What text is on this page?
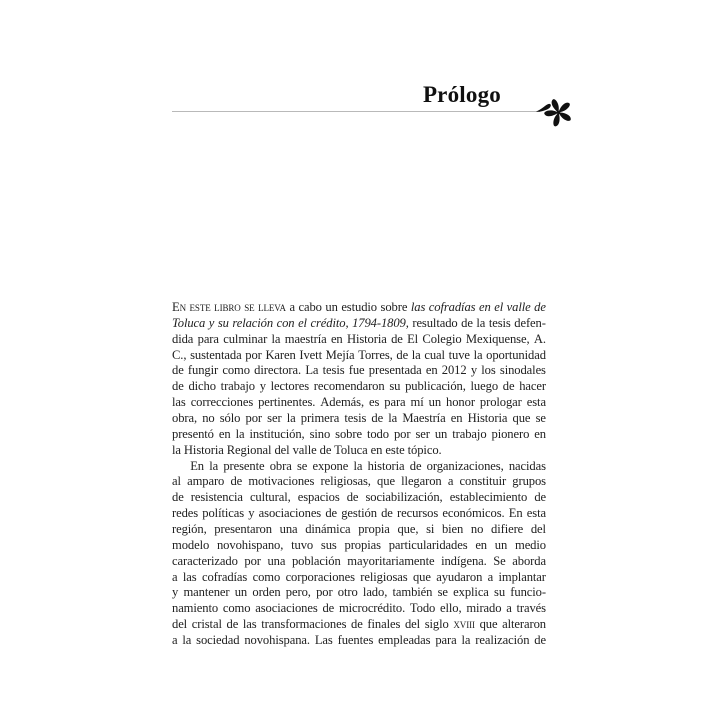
Prólogo
En este libro se lleva a cabo un estudio sobre las cofradías en el valle de
Toluca y su relación con el crédito, 1794-1809, resultado de la tesis defen-
dida para culminar la maestría en Historia de El Colegio Mexiquense, A.
C., sustentada por Karen Ivett Mejía Torres, de la cual tuve la oportunidad
de fungir como directora. La tesis fue presentada en 2012 y los sinodales
de dicho trabajo y lectores recomendaron su publicación, luego de hacer
las correcciones pertinentes. Además, es para mí un honor prologar esta
obra, no sólo por ser la primera tesis de la Maestría en Historia que se
presentó en la institución, sino sobre todo por ser un trabajo pionero en
la Historia Regional del valle de Toluca en este tópico.
En la presente obra se expone la historia de organizaciones, nacidas
al amparo de motivaciones religiosas, que llegaron a constituir grupos
de resistencia cultural, espacios de sociabilización, establecimiento de
redes políticas y asociaciones de gestión de recursos económicos. En esta
región, presentaron una dinámica propia que, si bien no difiere del
modelo novohispano, tuvo sus propias particularidades en un medio
caracterizado por una población mayoritariamente indígena. Se aborda
a las cofradías como corporaciones religiosas que ayudaron a implantar
y mantener un orden pero, por otro lado, también se explica su funcio-
namiento como asociaciones de microcrédito. Todo ello, mirado a través
del cristal de las transformaciones de finales del siglo xviii que alteraron
a la sociedad novohispana. Las fuentes empleadas para la realización de
